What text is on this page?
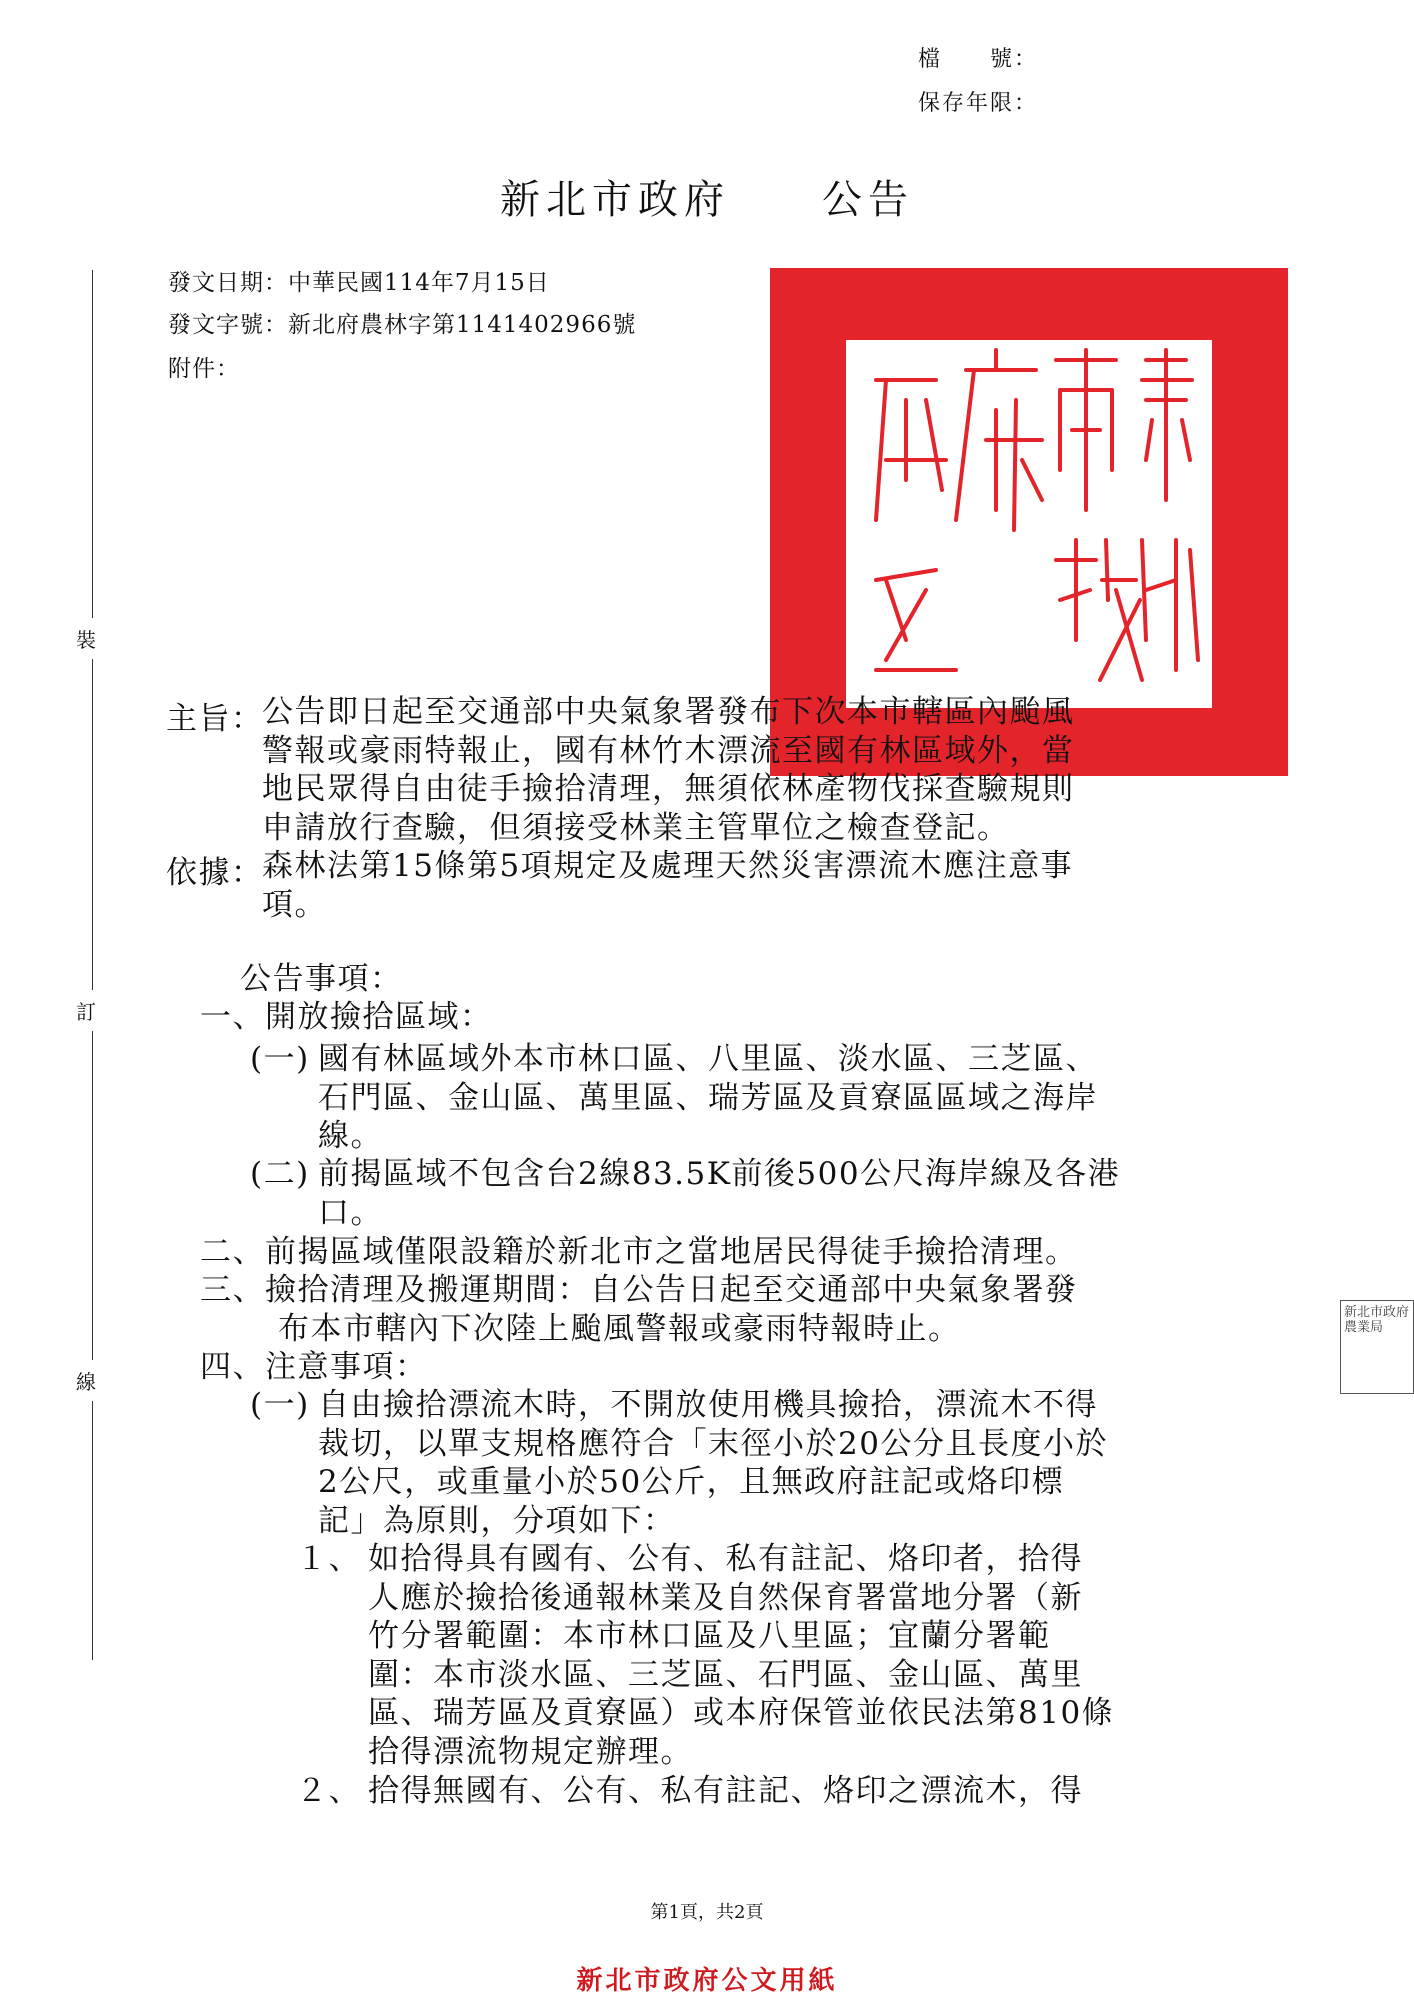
檔　　號：
保存年限：
新北市政府　　公告
發文日期：中華民國114年7月15日
發文字號：新北府農林字第1141402966號
附件：
裝
訂
線
主旨：
公告即日起至交通部中央氣象署發布下次本市轄區內颱風
警報或豪雨特報止，國有林竹木漂流至國有林區域外，當
地民眾得自由徒手撿拾清理，無須依林產物伐採查驗規則
申請放行查驗，但須接受林業主管單位之檢查登記。
依據：
森林法第15條第5項規定及處理天然災害漂流木應注意事
項。
公告事項：
一、開放撿拾區域：
(一) 國有林區域外本市林口區、八里區、淡水區、三芝區、
石門區、金山區、萬里區、瑞芳區及貢寮區區域之海岸
線。
(二) 前揭區域不包含台2線83.5K前後500公尺海岸線及各港
口。
二、前揭區域僅限設籍於新北市之當地居民得徒手撿拾清理。
三、撿拾清理及搬運期間：自公告日起至交通部中央氣象署發
布本市轄內下次陸上颱風警報或豪雨特報時止。
四、注意事項：
(一) 自由撿拾漂流木時，不開放使用機具撿拾，漂流木不得
裁切，以單支規格應符合「末徑小於20公分且長度小於
2公尺，或重量小於50公斤，且無政府註記或烙印標
記」為原則，分項如下：
１、 如拾得具有國有、公有、私有註記、烙印者，拾得
人應於撿拾後通報林業及自然保育署當地分署（新
竹分署範圍：本市林口區及八里區；宜蘭分署範
圍：本市淡水區、三芝區、石門區、金山區、萬里
區、瑞芳區及貢寮區）或本府保管並依民法第810條
拾得漂流物規定辦理。
２、 拾得無國有、公有、私有註記、烙印之漂流木，得
新北市政府農業局
第1頁，共2頁
新北市政府公文用紙
